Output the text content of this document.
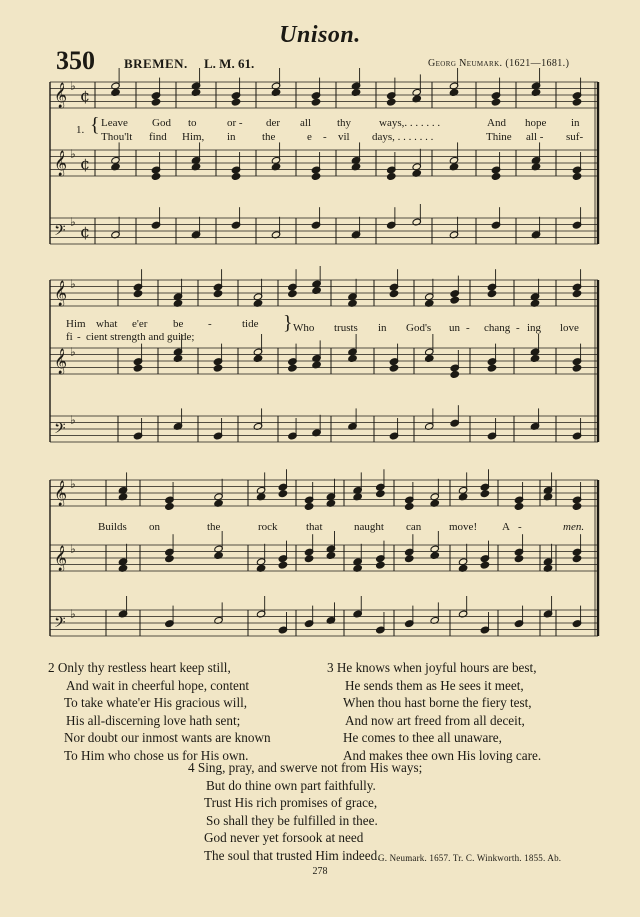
Unison.
350 BREMEN. L. M. 61.	Georg Neumark. (1621—1681.)
𝄞 ♭ ¢
𝄞 ♭ ¢
𝄢 ♭ ¢
𝄞 ♭
𝄞 ♭
𝄢 ♭
𝄞 ♭
𝄞 ♭
𝄢 ♭
1. { Leave God to	or - der all thy	ways,. . . . . . .	And hope in
Thou'lt find Him, in the	e - vil days, . . . . . . .	Thine all - suf-
Him what e'er be -	tide
fi - cient strength and guide;
} Who trusts in God's un - chang - ing love
Builds on	the	rock	that	naught can	move! A -	men.
2 Only thy restless heart keep still,
And wait in cheerful hope, content
To take whate'er His gracious will,
His all-discerning love hath sent;
Nor doubt our inmost wants are known
To Him who chose us for His own.
3 He knows when joyful hours are best,
He sends them as He sees it meet,
When thou hast borne the fiery test,
And now art freed from all deceit,
He comes to thee all unaware,
And makes thee own His loving care.
4 Sing, pray, and swerve not from His ways;
But do thine own part faithfully.
Trust His rich promises of grace,
So shall they be fulfilled in thee.
God never yet forsook at need
The soul that trusted Him indeed.
G. Neumark. 1657. Tr. C. Winkworth. 1855. Ab.
278
